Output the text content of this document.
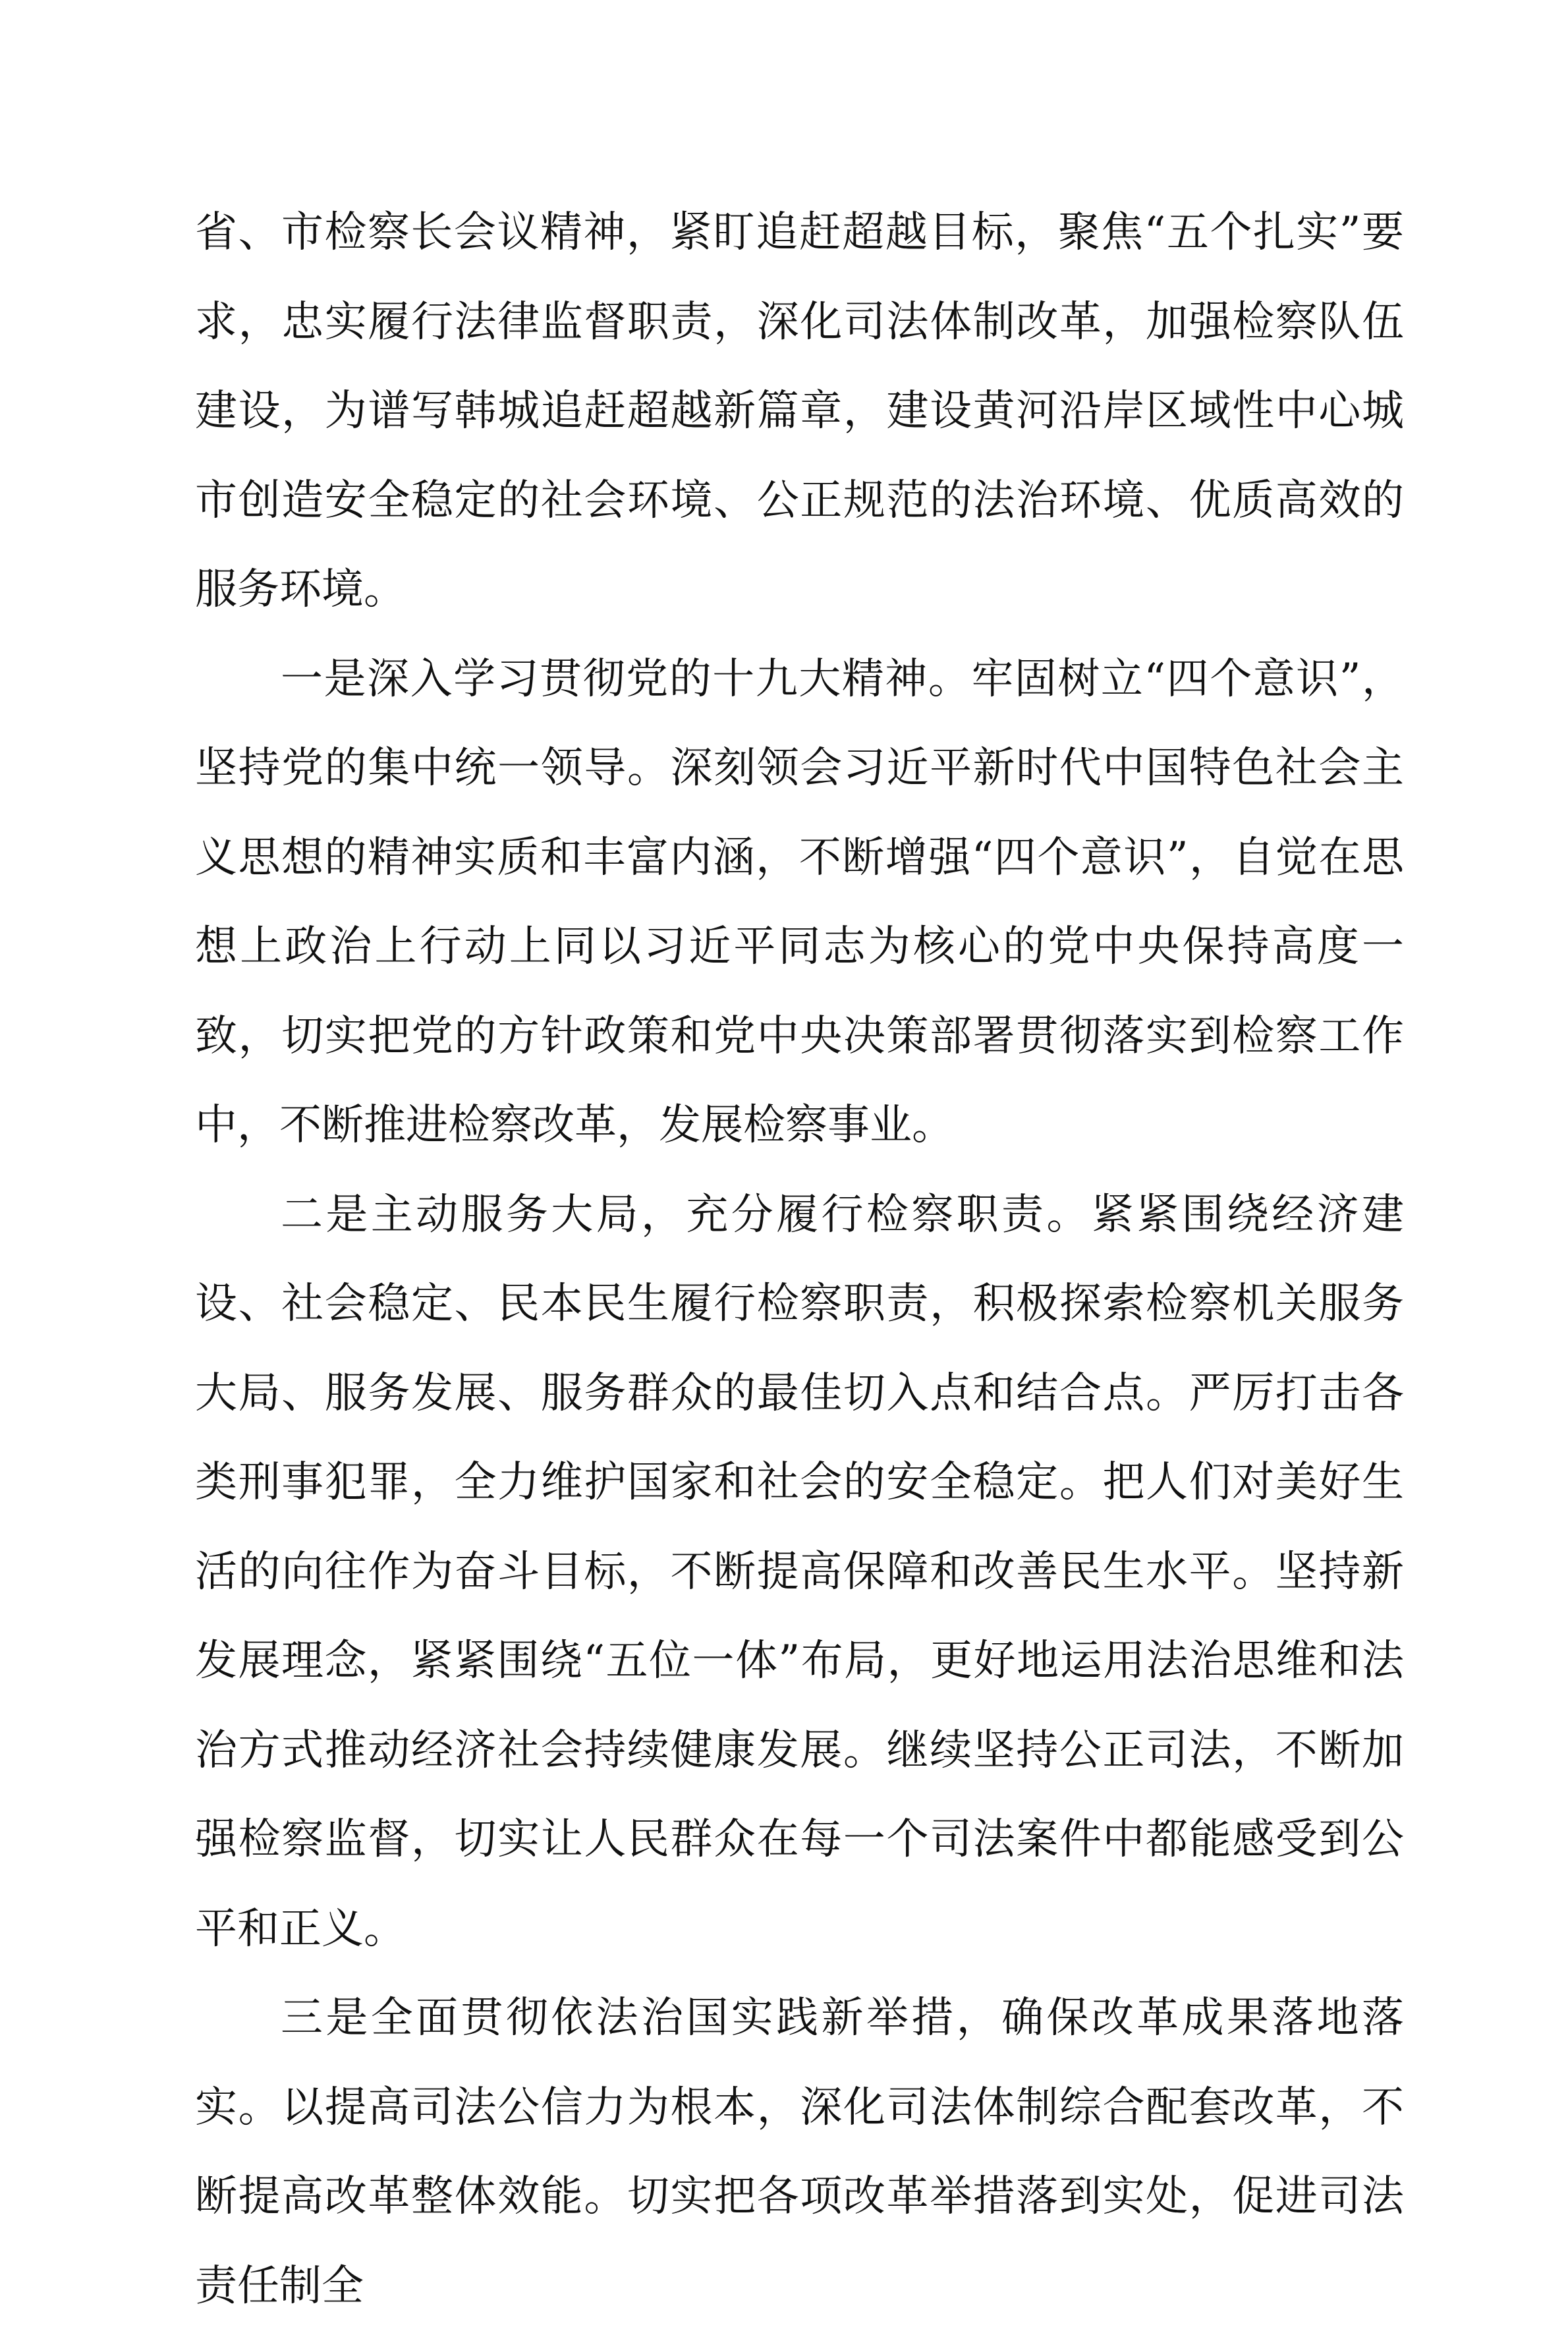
省、市检察长会议精神，紧盯追赶超越目标，聚焦“五个扎实”要求，忠实履行法律监督职责，深化司法体制改革，加强检察队伍建设，为谱写韩城追赶超越新篇章，建设黄河沿岸区域性中心城市创造安全稳定的社会环境、公正规范的法治环境、优质高效的服务环境。

一是深入学习贯彻党的十九大精神。牢固树立“四个意识”，坚持党的集中统一领导。深刻领会习近平新时代中国特色社会主义思想的精神实质和丰富内涵，不断增强“四个意识”，自觉在思想上政治上行动上同以习近平同志为核心的党中央保持高度一致，切实把党的方针政策和党中央决策部署贯彻落实到检察工作中，不断推进检察改革，发展检察事业。

二是主动服务大局，充分履行检察职责。紧紧围绕经济建设、社会稳定、民本民生履行检察职责，积极探索检察机关服务大局、服务发展、服务群众的最佳切入点和结合点。严厉打击各类刑事犯罪，全力维护国家和社会的安全稳定。把人们对美好生活的向往作为奋斗目标，不断提高保障和改善民生水平。坚持新发展理念，紧紧围绕“五位一体”布局，更好地运用法治思维和法治方式推动经济社会持续健康发展。继续坚持公正司法，不断加强检察监督，切实让人民群众在每一个司法案件中都能感受到公平和正义。

三是全面贯彻依法治国实践新举措，确保改革成果落地落实。以提高司法公信力为根本，深化司法体制综合配套改革，不断提高改革整体效能。切实把各项改革举措落到实处，促进司法责任制全
